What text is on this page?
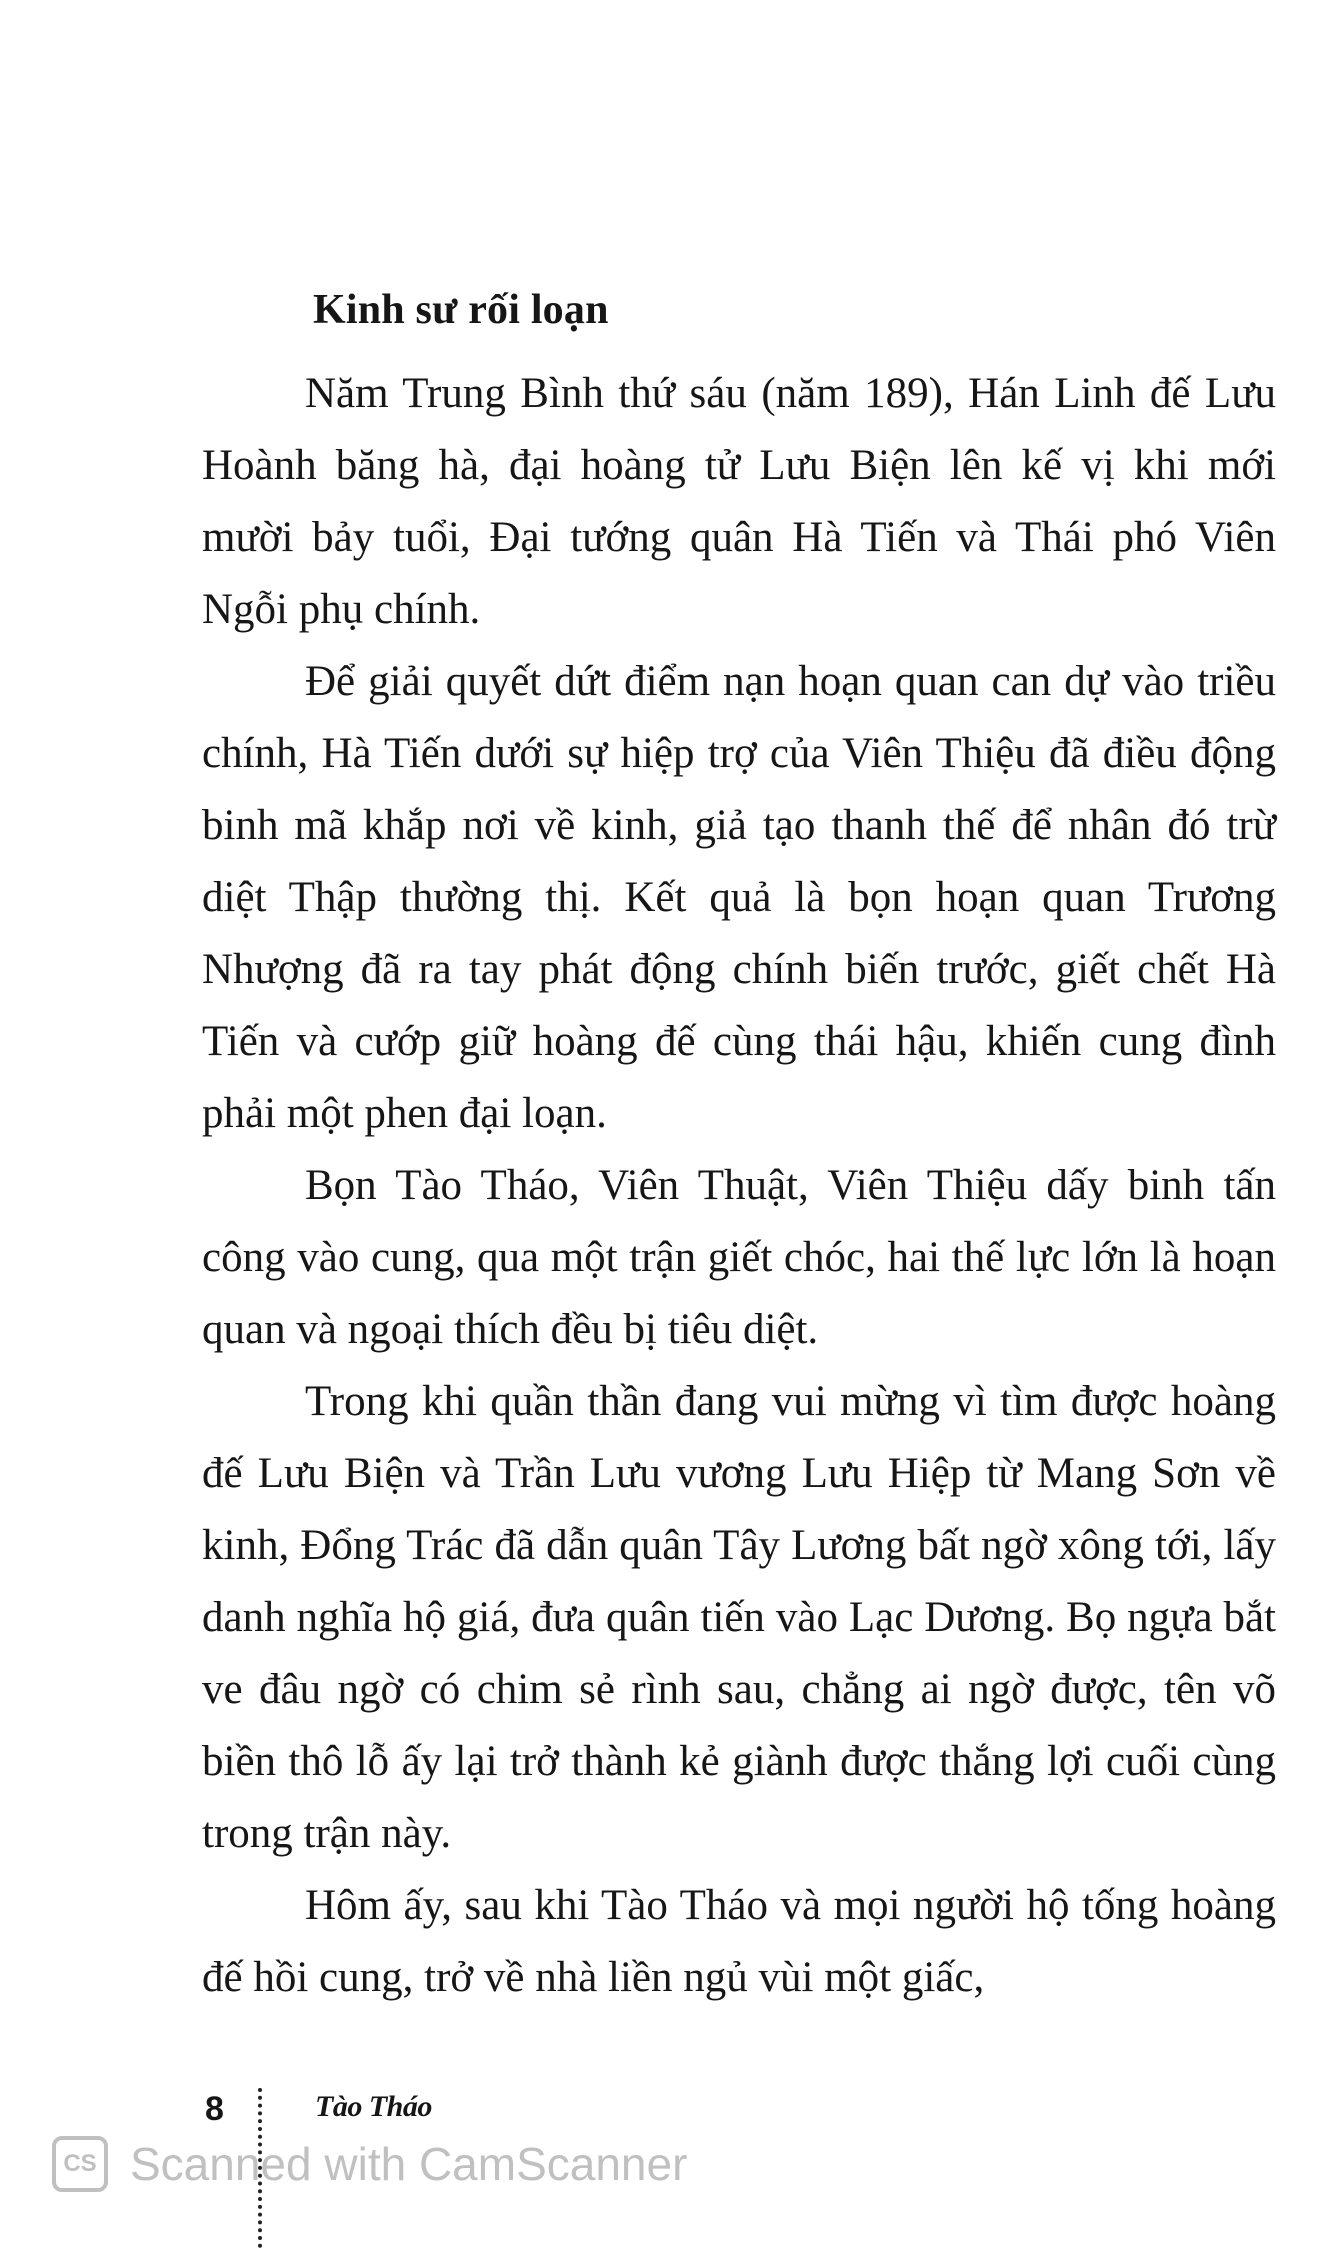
Kinh sư rối loạn

Năm Trung Bình thứ sáu (năm 189), Hán Linh đế Lưu Hoành băng hà, đại hoàng tử Lưu Biện lên kế vị khi mới mười bảy tuổi, Đại tướng quân Hà Tiến và Thái phó Viên Ngỗi phụ chính.

Để giải quyết dứt điểm nạn hoạn quan can dự vào triều chính, Hà Tiến dưới sự hiệp trợ của Viên Thiệu đã điều động binh mã khắp nơi về kinh, giả tạo thanh thế để nhân đó trừ diệt Thập thường thị. Kết quả là bọn hoạn quan Trương Nhượng đã ra tay phát động chính biến trước, giết chết Hà Tiến và cướp giữ hoàng đế cùng thái hậu, khiến cung đình phải một phen đại loạn.

Bọn Tào Tháo, Viên Thuật, Viên Thiệu dấy binh tấn công vào cung, qua một trận giết chóc, hai thế lực lớn là hoạn quan và ngoại thích đều bị tiêu diệt.

Trong khi quần thần đang vui mừng vì tìm được hoàng đế Lưu Biện và Trần Lưu vương Lưu Hiệp từ Mang Sơn về kinh, Đổng Trác đã dẫn quân Tây Lương bất ngờ xông tới, lấy danh nghĩa hộ giá, đưa quân tiến vào Lạc Dương. Bọ ngựa bắt ve đâu ngờ có chim sẻ rình sau, chẳng ai ngờ được, tên võ biền thô lỗ ấy lại trở thành kẻ giành được thắng lợi cuối cùng trong trận này.

Hôm ấy, sau khi Tào Tháo và mọi người hộ tống hoàng đế hồi cung, trở về nhà liền ngủ vùi một giấc,

8	Tào Tháo
CS Scanned with CamScanner
